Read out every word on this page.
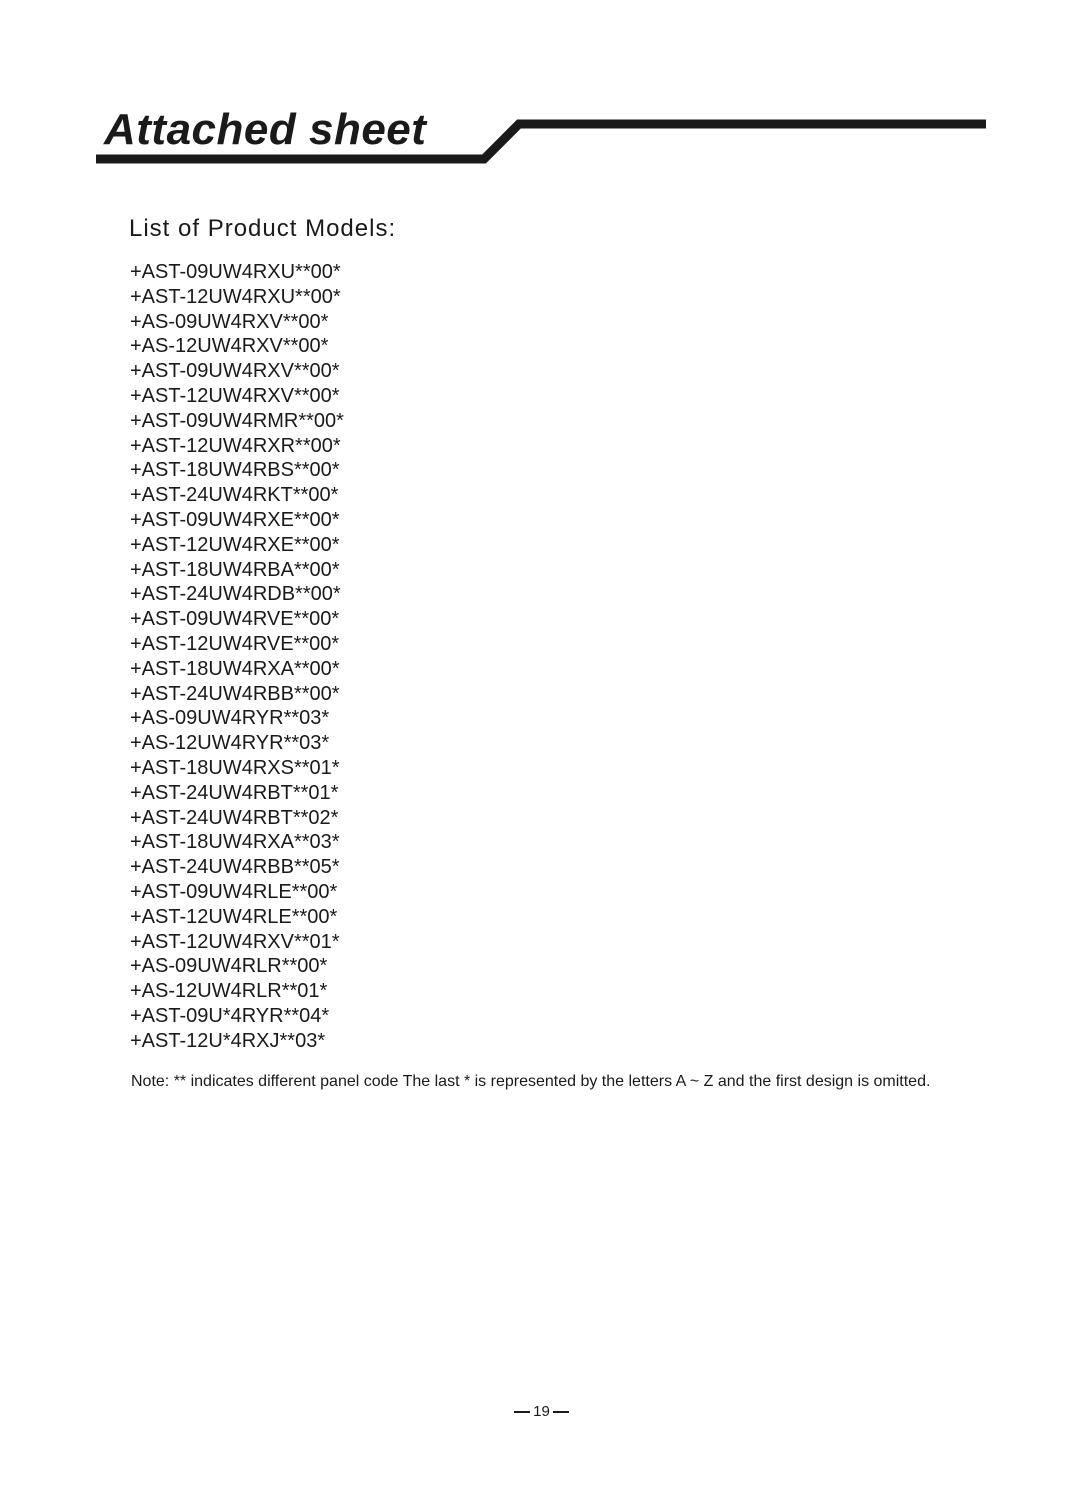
Attached sheet
List of Product Models:
+AST-09UW4RXU**00*
+AST-12UW4RXU**00*
+AS-09UW4RXV**00*
+AS-12UW4RXV**00*
+AST-09UW4RXV**00*
+AST-12UW4RXV**00*
+AST-09UW4RMR**00*
+AST-12UW4RXR**00*
+AST-18UW4RBS**00*
+AST-24UW4RKT**00*
+AST-09UW4RXE**00*
+AST-12UW4RXE**00*
+AST-18UW4RBA**00*
+AST-24UW4RDB**00*
+AST-09UW4RVE**00*
+AST-12UW4RVE**00*
+AST-18UW4RXA**00*
+AST-24UW4RBB**00*
+AS-09UW4RYR**03*
+AS-12UW4RYR**03*
+AST-18UW4RXS**01*
+AST-24UW4RBT**01*
+AST-24UW4RBT**02*
+AST-18UW4RXA**03*
+AST-24UW4RBB**05*
+AST-09UW4RLE**00*
+AST-12UW4RLE**00*
+AST-12UW4RXV**01*
+AS-09UW4RLR**00*
+AS-12UW4RLR**01*
+AST-09U*4RYR**04*
+AST-12U*4RXJ**03*

Note: ** indicates different panel code The last * is represented by the letters A ~ Z and the first design is omitted.

19
